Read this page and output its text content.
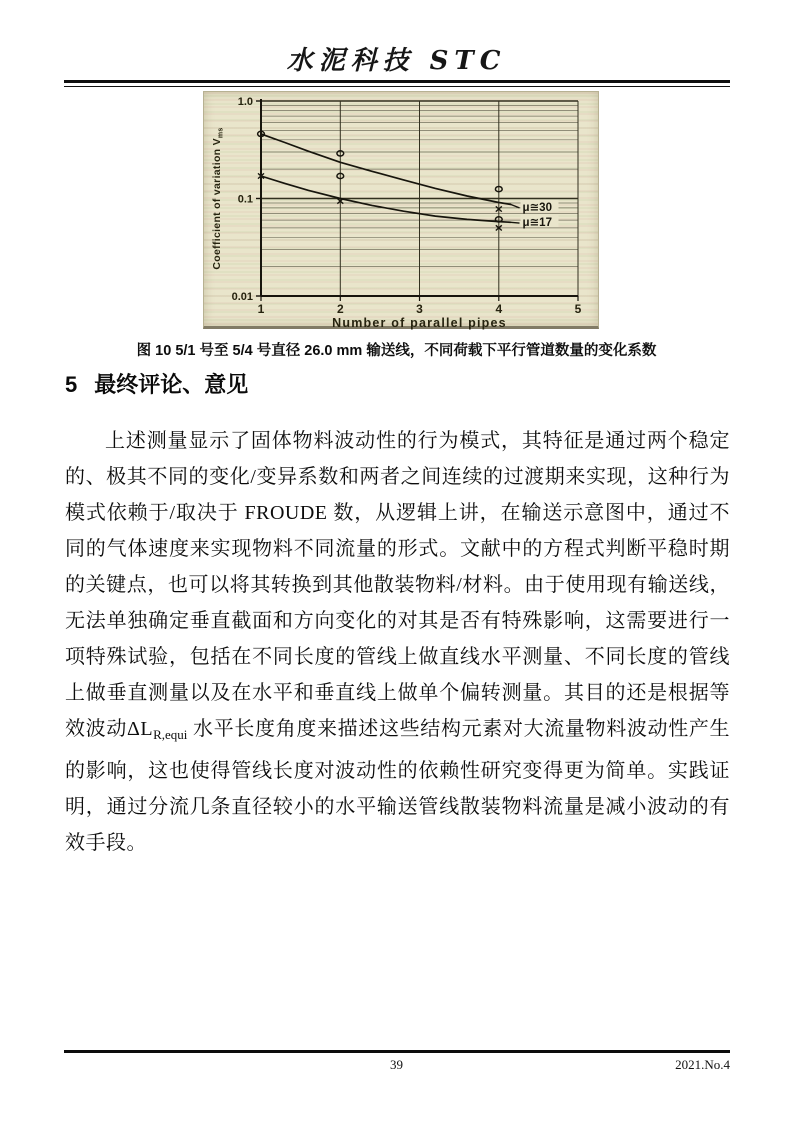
水泥科技 STC
1.0
0.1
0.01
1	2	3	4	5
Number of parallel pipes
Coefficient of variation $V_{ms}$
μ≅30
μ≅17
图 10 5/1 号至 5/4 号直径 26.0 mm 输送线，不同荷载下平行管道数量的变化系数
5 最终评论、意见

上述测量显示了固体物料波动性的行为模式，其特征是通过两个稳定的、极其不同的变化/变异系数和两者之间连续的过渡期来实现，这种行为模式依赖于/取决于 FROUDE 数，从逻辑上讲，在输送示意图中，通过不同的气体速度来实现物料不同流量的形式。文献中的方程式判断平稳时期的关键点，也可以将其转换到其他散装物料/材料。由于使用现有输送线，无法单独确定垂直截面和方向变化的对其是否有特殊影响，这需要进行一项特殊试验，包括在不同长度的管线上做直线水平测量、不同长度的管线上做垂直测量以及在水平和垂直线上做单个偏转测量。其目的还是根据等效波动$\Delta L_{R,equi}$ 水平长度角度来描述这些结构元素对大流量物料波动性产生的影响，这也使得管线长度对波动性的依赖性研究变得更为简单。实践证明，通过分流几条直径较小的水平输送管线散装物料流量是减小波动的有效手段。

39	2021.No.4
